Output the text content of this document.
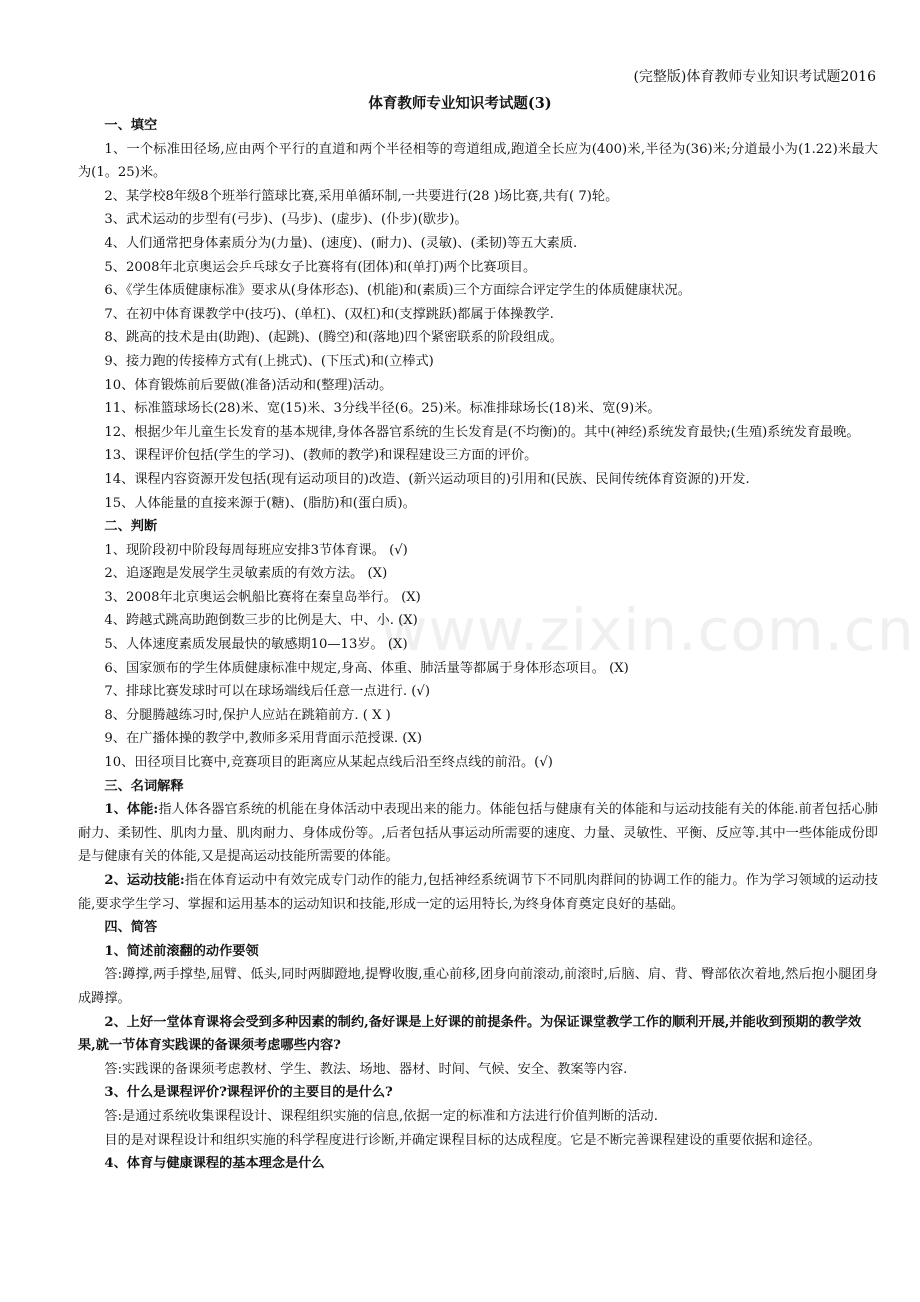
www.zixin.com.cn
(完整版)体育教师专业知识考试题2016
体育教师专业知识考试题(3)
一、填空
1、一个标准田径场,应由两个平行的直道和两个半径相等的弯道组成,跑道全长应为(400)米,半径为(36)米;分道最小为(1.22)米最大为(1。25)米。
2、某学校8年级8个班举行篮球比赛,采用单循环制,一共要进行(28 )场比赛,共有( 7)轮。
3、武术运动的步型有(弓步)、(马步)、(虚步)、(仆步)(歇步)。
4、人们通常把身体素质分为(力量)、(速度)、(耐力)、(灵敏)、(柔韧)等五大素质.
5、2008年北京奥运会乒乓球女子比赛将有(团体)和(单打)两个比赛项目。
6、《学生体质健康标准》要求从(身体形态)、(机能)和(素质)三个方面综合评定学生的体质健康状况。
7、在初中体育课教学中(技巧)、(单杠)、(双杠)和(支撑跳跃)都属于体操教学.
8、跳高的技术是由(助跑)、(起跳)、(腾空)和(落地)四个紧密联系的阶段组成。
9、接力跑的传接棒方式有(上挑式)、(下压式)和(立棒式)
10、体育锻炼前后要做(准备)活动和(整理)活动。
11、标准篮球场长(28)米、宽(15)米、3分线半径(6。25)米。标准排球场长(18)米、宽(9)米。
12、根据少年儿童生长发育的基本规律,身体各器官系统的生长发育是(不均衡)的。其中(神经)系统发育最快;(生殖)系统发育最晚。
13、课程评价包括(学生的学习)、(教师的教学)和课程建设三方面的评价。
14、课程内容资源开发包括(现有运动项目的)改造、(新兴运动项目的)引用和(民族、民间传统体育资源的)开发.
15、人体能量的直接来源于(糖)、(脂肪)和(蛋白质)。
二、判断
1、现阶段初中阶段每周每班应安排3节体育课。 (√)
2、追逐跑是发展学生灵敏素质的有效方法。 (X)
3、2008年北京奥运会帆船比赛将在秦皇岛举行。 (X)
4、跨越式跳高助跑倒数三步的比例是大、中、小. (X)
5、人体速度素质发展最快的敏感期10—13岁。 (X)
6、国家颁布的学生体质健康标准中规定,身高、体重、肺活量等都属于身体形态项目。 (X)
7、排球比赛发球时可以在球场端线后任意一点进行. (√)
8、分腿腾越练习时,保护人应站在跳箱前方. ( X )
9、在广播体操的教学中,教师多采用背面示范授课. (X)
10、田径项目比赛中,竞赛项目的距离应从某起点线后沿至终点线的前沿。(√)
三、名词解释
1、体能:指人体各器官系统的机能在身体活动中表现出来的能力。体能包括与健康有关的体能和与运动技能有关的体能.前者包括心肺耐力、柔韧性、肌肉力量、肌肉耐力、身体成份等。,后者包括从事运动所需要的速度、力量、灵敏性、平衡、反应等.其中一些体能成份即是与健康有关的体能,又是提高运动技能所需要的体能。
2、运动技能:指在体育运动中有效完成专门动作的能力,包括神经系统调节下不同肌肉群间的协调工作的能力。作为学习领域的运动技能,要求学生学习、掌握和运用基本的运动知识和技能,形成一定的运用特长,为终身体育奠定良好的基础。
四、简答
1、简述前滚翻的动作要领
答:蹲撑,两手撑垫,屈臂、低头,同时两脚蹬地,提臀收腹,重心前移,团身向前滚动,前滚时,后脑、肩、背、臀部依次着地,然后抱小腿团身成蹲撑。
2、上好一堂体育课将会受到多种因素的制约,备好课是上好课的前提条件。为保证课堂教学工作的顺利开展,并能收到预期的教学效果,就一节体育实践课的备课须考虑哪些内容?
答:实践课的备课须考虑教材、学生、教法、场地、器材、时间、气候、安全、教案等内容.
3、什么是课程评价?课程评价的主要目的是什么?
答:是通过系统收集课程设计、课程组织实施的信息,依据一定的标准和方法进行价值判断的活动.
目的是对课程设计和组织实施的科学程度进行诊断,并确定课程目标的达成程度。它是不断完善课程建设的重要依据和途径。
4、体育与健康课程的基本理念是什么
